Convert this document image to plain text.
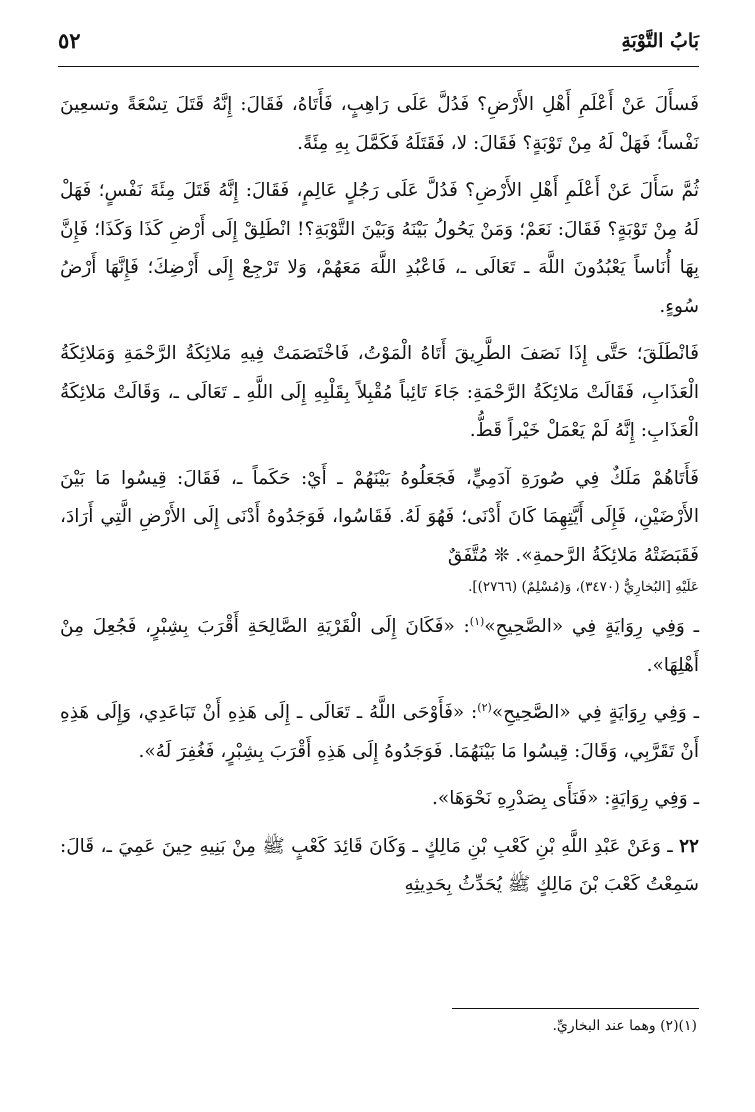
بَابُ التَّوْبَةِ
٥٢

فَسأَلَ عَنْ أَعْلَمِ أَهْلِ الأَرْضِ؟ فَدُلَّ عَلَى رَاهِبٍ، فَأَتَاهُ، فَقَالَ: إِنَّهُ قَتَلَ تِسْعَةً وتسعِينَ نَفْساً؛ فَهَلْ لَهُ مِنْ تَوْبَةٍ؟ فَقَالَ: لا، فَقَتَلَهُ فَكَمَّلَ بِهِ مِئَةً.

ثُمَّ سَأَلَ عَنْ أَعْلَمِ أَهْلِ الأَرْضِ؟ فَدُلَّ عَلَى رَجُلٍ عَالِمٍ، فَقَالَ: إِنَّهُ قَتَلَ مِئَةَ نَفْسٍ؛ فَهَلْ لَهُ مِنْ تَوْبَةٍ؟ فَقَالَ: نَعَمْ؛ وَمَنْ يَحُولُ بَيْنَهُ وَبَيْنَ التَّوْبَةِ؟! انْطَلِقْ إِلَى أَرْضِ كَذَا وَكَذَا؛ فَإِنَّ بِهَا أُنَاساً يَعْبُدُونَ اللَّهَ ـ تَعَالَى ـ، فَاعْبُدِ اللَّهَ مَعَهُمْ، وَلا تَرْجِعْ إِلَى أَرْضِكَ؛ فَإِنَّهَا أَرْضُ سُوءٍ.

فَانْطَلَقَ؛ حَتَّى إِذَا نَصَفَ الطَّرِيقَ أَتَاهُ الْمَوْتُ، فَاخْتَصَمَتْ فِيهِ مَلائِكَةُ الرَّحْمَةِ وَمَلائِكَةُ الْعَذَابِ، فَقَالَتْ مَلائِكَةُ الرَّحْمَةِ: جَاءَ تَائِباً مُقْبِلاً بِقَلْبِهِ إِلَى اللَّهِ ـ تَعَالَى ـ، وَقَالَتْ مَلائِكَةُ الْعَذَابِ: إِنَّهُ لَمْ يَعْمَلْ خَيْراً قَطُّ.

فَأَتَاهُمْ مَلَكٌ فِي صُورَةِ آدَمِيٍّ، فَجَعَلُوهُ بَيْنَهُمْ ـ أَيْ: حَكَماً ـ، فَقَالَ: قِيسُوا مَا بَيْنَ الأَرْضَيْنِ، فَإِلَى أَيَّتِهِمَا كَانَ أَدْنَى؛ فَهُوَ لَهُ. فَقَاسُوا، فَوَجَدُوهُ أَدْنَى إِلَى الأَرْضِ الَّتِي أَرَادَ، فَقَبَضَتْهُ مَلائِكَةُ الرَّحمةِ». ❊ مُتَّفَقٌ

عَلَيْهِ [البُخارِيُّ (٣٤٧٠)، وَ(مُسْلِمٌ) (٢٧٦٦)].

ـ وَفِي رِوَايَةٍ فِي «الصَّحِيحِ»$^{(١)}$: «فَكَانَ إِلَى الْقَرْيَةِ الصَّالِحَةِ أَقْرَبَ بِشِبْرٍ، فَجُعِلَ مِنْ أَهْلِهَا».

ـ وَفِي رِوَايَةٍ فِي «الصَّحِيحِ»$^{(٢)}$: «فَأَوْحَى اللَّهُ ـ تَعَالَى ـ إِلَى هَذِهِ أَنْ تَبَاعَدِي، وَإِلَى هَذِهِ أَنْ تَقَرَّبِي، وَقَالَ: قِيسُوا مَا بَيْنَهُمَا. فَوَجَدُوهُ إِلَى هَذِهِ أَقْرَبَ بِشِبْرٍ، فَغُفِرَ لَهُ».

ـ وَفِي رِوَايَةٍ: «فَنَأَى بِصَدْرِهِ نَحْوَهَا».

٢٢ ـ وَعَنْ عَبْدِ اللَّهِ بْنِ كَعْبِ بْنِ مَالِكٍ ـ وَكَانَ قَائِدَ كَعْبٍ ﷺ مِنْ بَنِيهِ حِينَ عَمِيَ ـ، قَالَ: سَمِعْتُ كَعْبَ بْنَ مَالِكٍ ﷺ يُحَدِّثُ بِحَدِيثِهِ

(١)(٢) وهما عند البخاريِّ.
